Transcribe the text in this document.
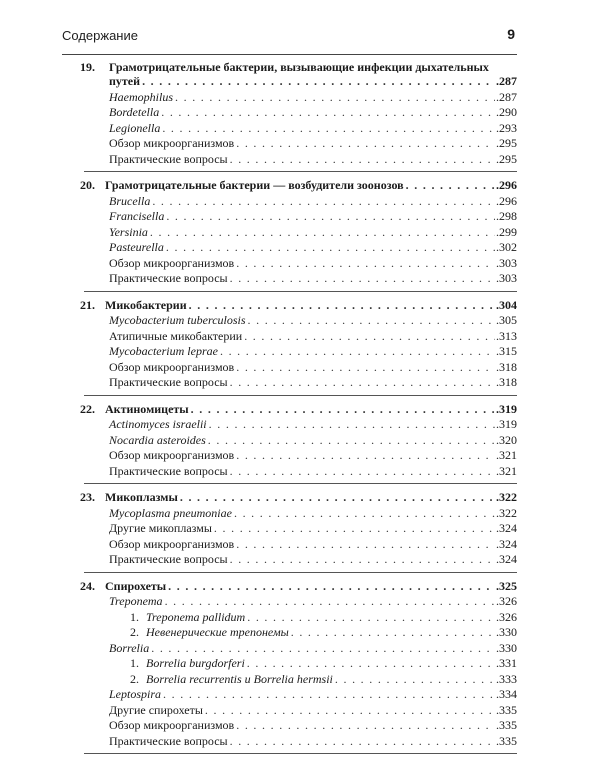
Содержание	9
19.	Грамотрицательные бактерии, вызывающие инфекции дыхательных
путей . . .	.287
Haemophilus . . .	.287
Bordetella . . .	.290
Legionella . . .	.293
Обзор микроорганизмов . . .	.295
Практические вопросы . . .	.295
20. Грамотрицательные бактерии — возбудители зоонозов . . .	.296
Brucella . . .	.296
Francisella . . .	.298
Yersinia . . .	.299
Pasteurella . . .	.302
Обзор микроорганизмов . . .	.303
Практические вопросы . . .	.303
21. Микобактерии . . .	.304
Mycobacterium tuberculosis . . .	.305
Атипичные микобактерии . . .	.313
Mycobacterium leprae . . .	.315
Обзор микроорганизмов . . .	.318
Практические вопросы . . .	.318
22. Актиномицеты . . .	.319
Actinomyces israelii . . .	.319
Nocardia asteroides . . .	.320
Обзор микроорганизмов . . .	.321
Практические вопросы . . .	.321
23. Микоплазмы . . .	.322
Mycoplasma pneumoniae . . .	.322
Другие микоплазмы . . .	.324
Обзор микроорганизмов . . .	.324
Практические вопросы . . .	.324
24. Спирохеты . . .	.325
Treponema . . .	.326
1. Treponema pallidum . . .	.326
2. Невенерические трепонемы . . .	.330
Borrelia . . .	.330
1. Borrelia burgdorferi . . .	.331
2. Borrelia recurrentis и Borrelia hermsii . . .	.333
Leptospira . . .	.334
Другие спирохеты . . .	.335
Обзор микроорганизмов . . .	.335
Практические вопросы . . .	.335
